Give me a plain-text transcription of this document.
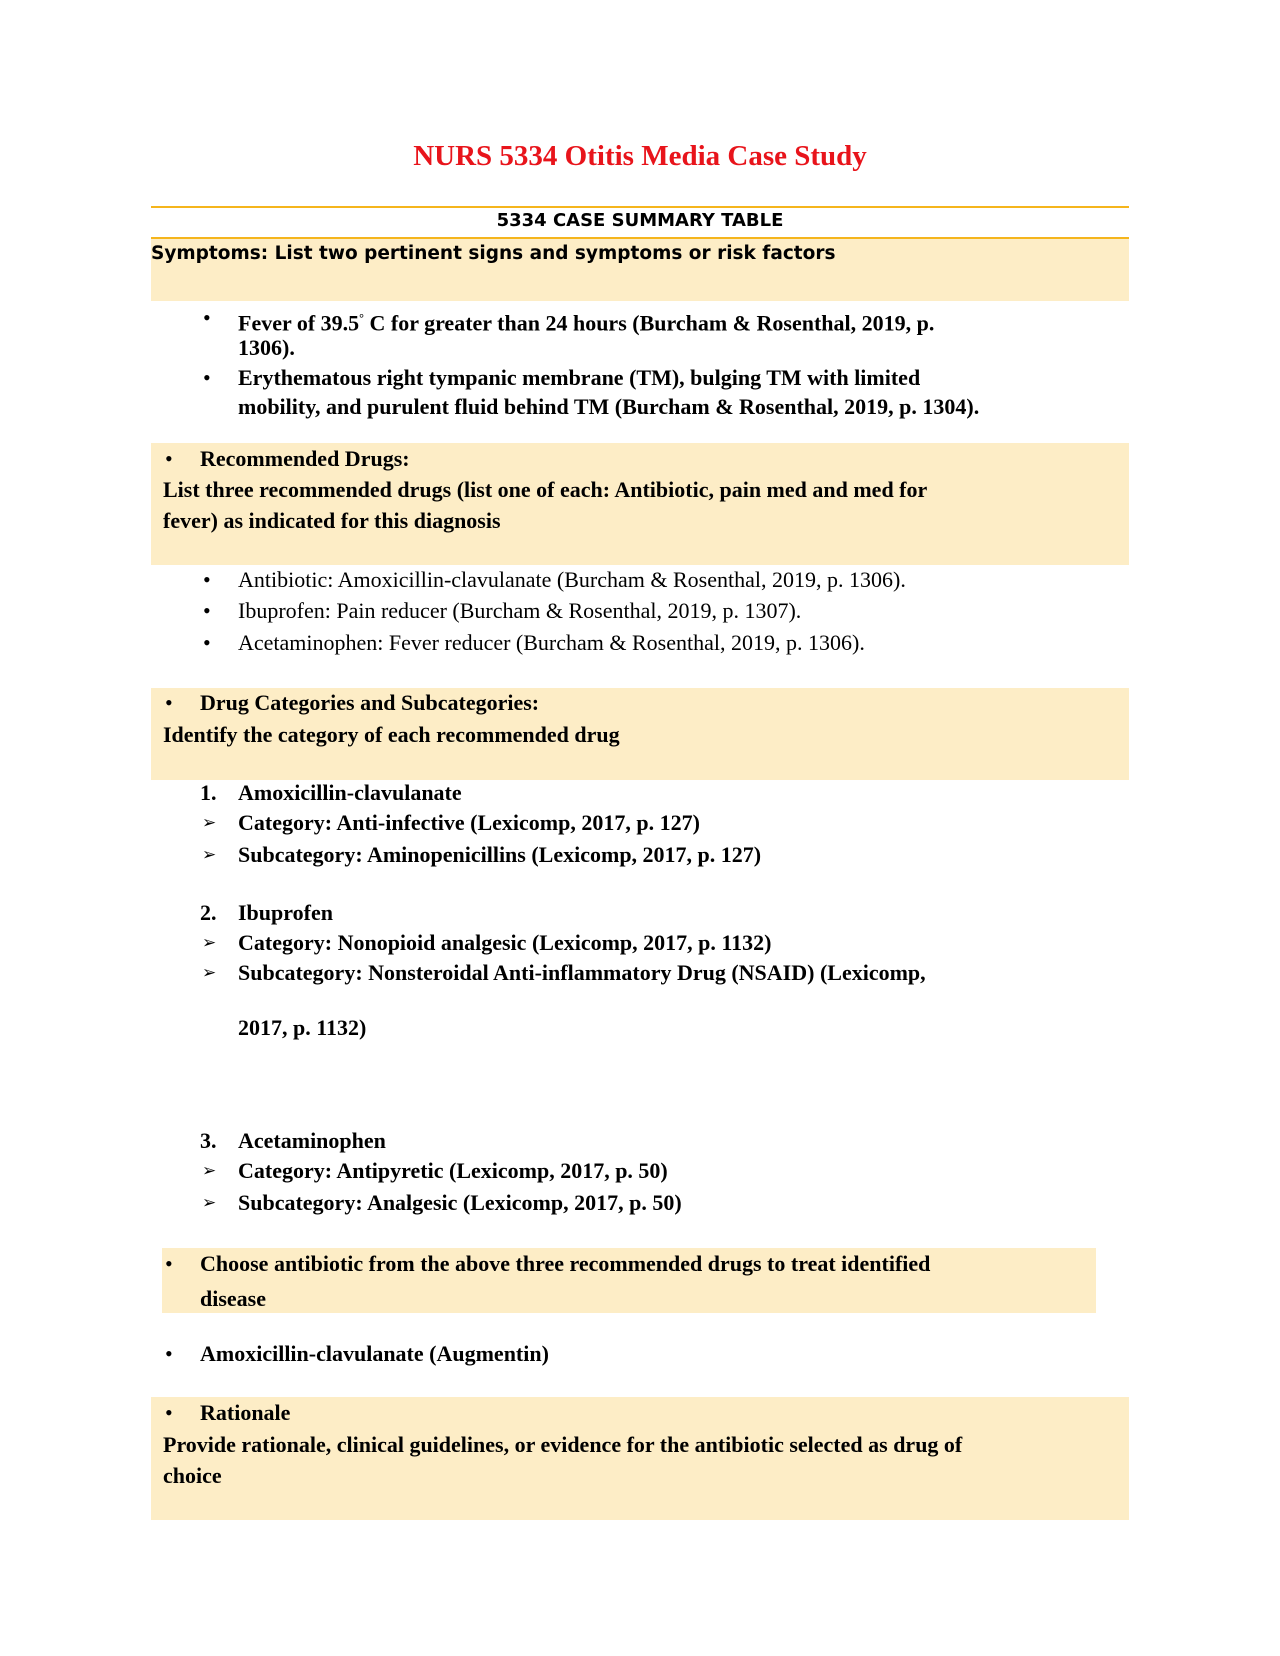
NURS 5334 Otitis Media Case Study
5334 CASE SUMMARY TABLE
Symptoms: List two pertinent signs and symptoms or risk factors
• Fever of 39.5° C for greater than 24 hours (Burcham & Rosenthal, 2019, p.
1306).
• Erythematous right tympanic membrane (TM), bulging TM with limited
mobility, and purulent fluid behind TM (Burcham & Rosenthal, 2019, p. 1304).
• Recommended Drugs:
List three recommended drugs (list one of each: Antibiotic, pain med and med for
fever) as indicated for this diagnosis
• Antibiotic: Amoxicillin-clavulanate (Burcham & Rosenthal, 2019, p. 1306).
• Ibuprofen: Pain reducer (Burcham & Rosenthal, 2019, p. 1307).
• Acetaminophen: Fever reducer (Burcham & Rosenthal, 2019, p. 1306).
• Drug Categories and Subcategories:
Identify the category of each recommended drug
1. Amoxicillin-clavulanate
➢ Category: Anti-infective (Lexicomp, 2017, p. 127)
➢ Subcategory: Aminopenicillins (Lexicomp, 2017, p. 127)
2. Ibuprofen
➢ Category: Nonopioid analgesic (Lexicomp, 2017, p. 1132)
➢ Subcategory: Nonsteroidal Anti-inflammatory Drug (NSAID) (Lexicomp,
2017, p. 1132)
3. Acetaminophen
➢ Category: Antipyretic (Lexicomp, 2017, p. 50)
➢ Subcategory: Analgesic (Lexicomp, 2017, p. 50)
• Choose antibiotic from the above three recommended drugs to treat identified
disease
• Amoxicillin-clavulanate (Augmentin)
• Rationale
Provide rationale, clinical guidelines, or evidence for the antibiotic selected as drug of
choice
